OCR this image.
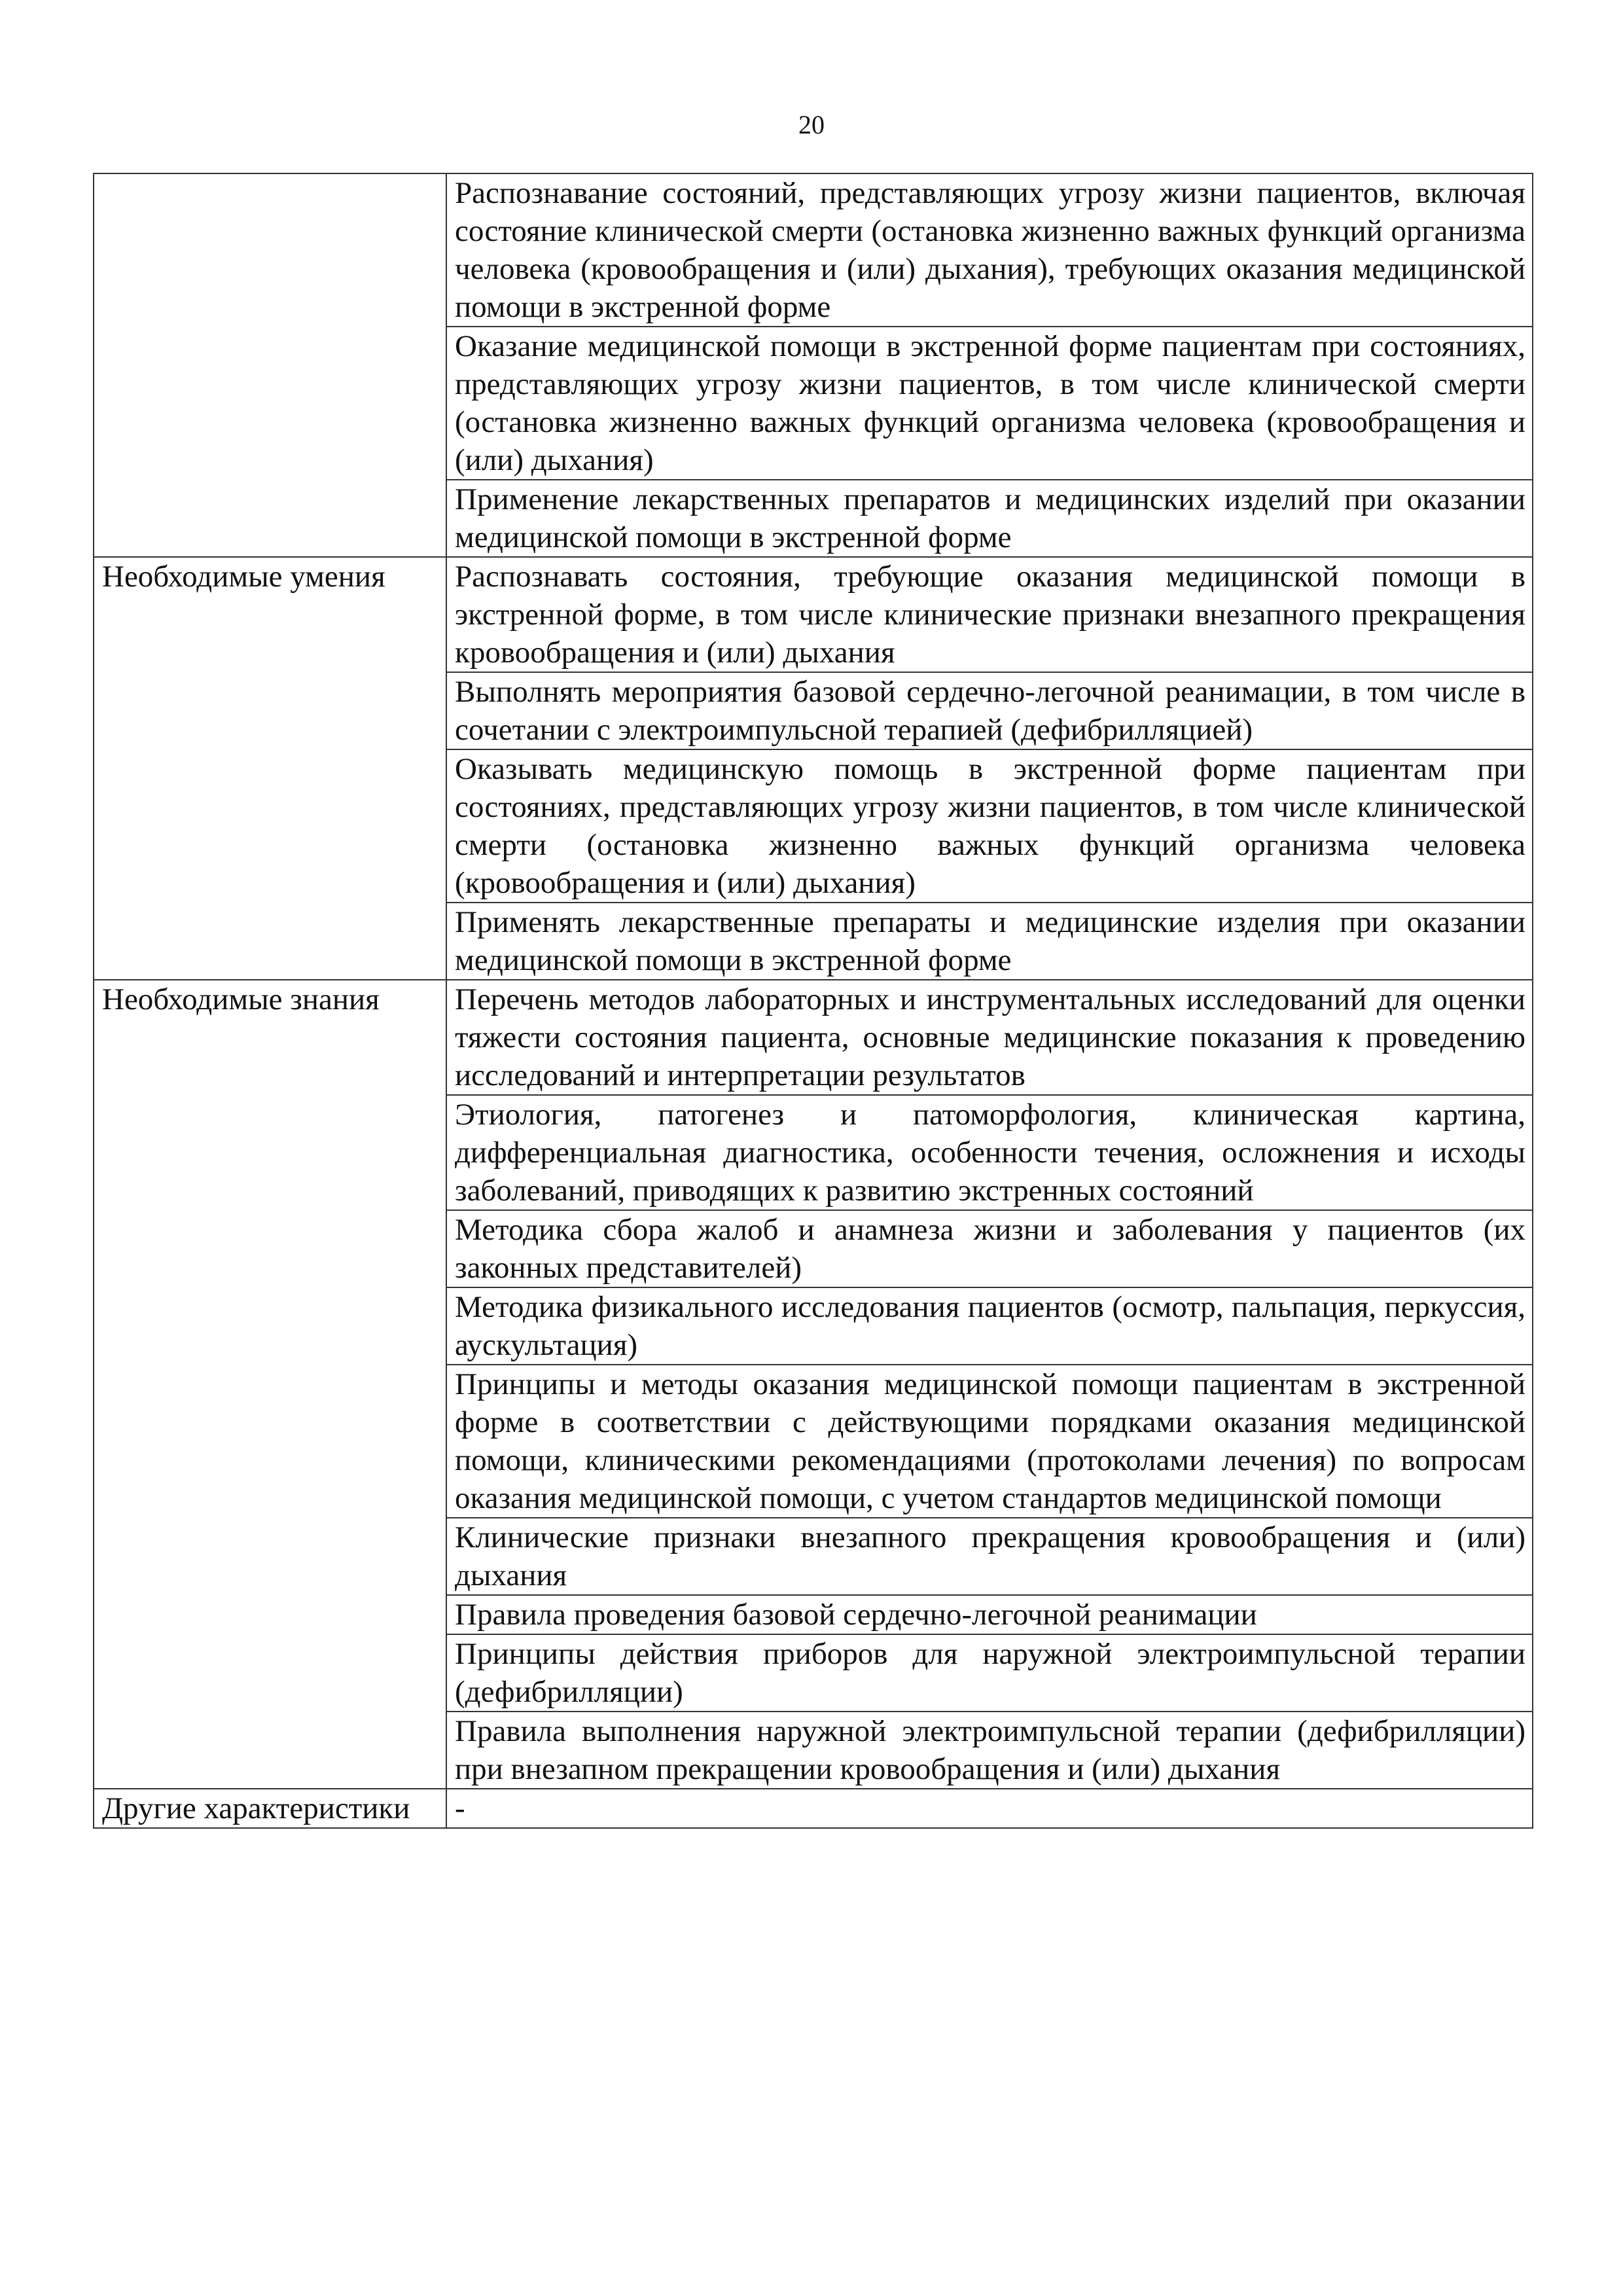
20
	Распознавание состояний, представляющих угрозу жизни пациентов, включая состояние клинической смерти (остановка жизненно важных функций организма человека (кровообращения и (или) дыхания), требующих оказания медицинской помощи в экстренной форме
	Оказание медицинской помощи в экстренной форме пациентам при состояниях, представляющих угрозу жизни пациентов, в том числе клинической смерти (остановка жизненно важных функций организма человека (кровообращения и (или) дыхания)
	Применение лекарственных препаратов и медицинских изделий при оказании медицинской помощи в экстренной форме
Необходимые умения	Распознавать состояния, требующие оказания медицинской помощи в экстренной форме, в том числе клинические признаки внезапного прекращения кровообращения и (или) дыхания
	Выполнять мероприятия базовой сердечно-легочной реанимации, в том числе в сочетании с электроимпульсной терапией (дефибрилляцией)
	Оказывать медицинскую помощь в экстренной форме пациентам при состояниях, представляющих угрозу жизни пациентов, в том числе клинической смерти (остановка жизненно важных функций организма человека (кровообращения и (или) дыхания)
	Применять лекарственные препараты и медицинские изделия при оказании медицинской помощи в экстренной форме
Необходимые знания	Перечень методов лабораторных и инструментальных исследований для оценки тяжести состояния пациента, основные медицинские показания к проведению исследований и интерпретации результатов
	Этиология, патогенез и патоморфология, клиническая картина, дифференциальная диагностика, особенности течения, осложнения и исходы заболеваний, приводящих к развитию экстренных состояний
	Методика сбора жалоб и анамнеза жизни и заболевания у пациентов (их законных представителей)
	Методика физикального исследования пациентов (осмотр, пальпация, перкуссия, аускультация)
	Принципы и методы оказания медицинской помощи пациентам в экстренной форме в соответствии с действующими порядками оказания медицинской помощи, клиническими рекомендациями (протоколами лечения) по вопросам оказания медицинской помощи, с учетом стандартов медицинской помощи
	Клинические признаки внезапного прекращения кровообращения и (или) дыхания
	Правила проведения базовой сердечно-легочной реанимации
	Принципы действия приборов для наружной электроимпульсной терапии (дефибрилляции)
	Правила выполнения наружной электроимпульсной терапии (дефибрилляции) при внезапном прекращении кровообращения и (или) дыхания
Другие характеристики	-
